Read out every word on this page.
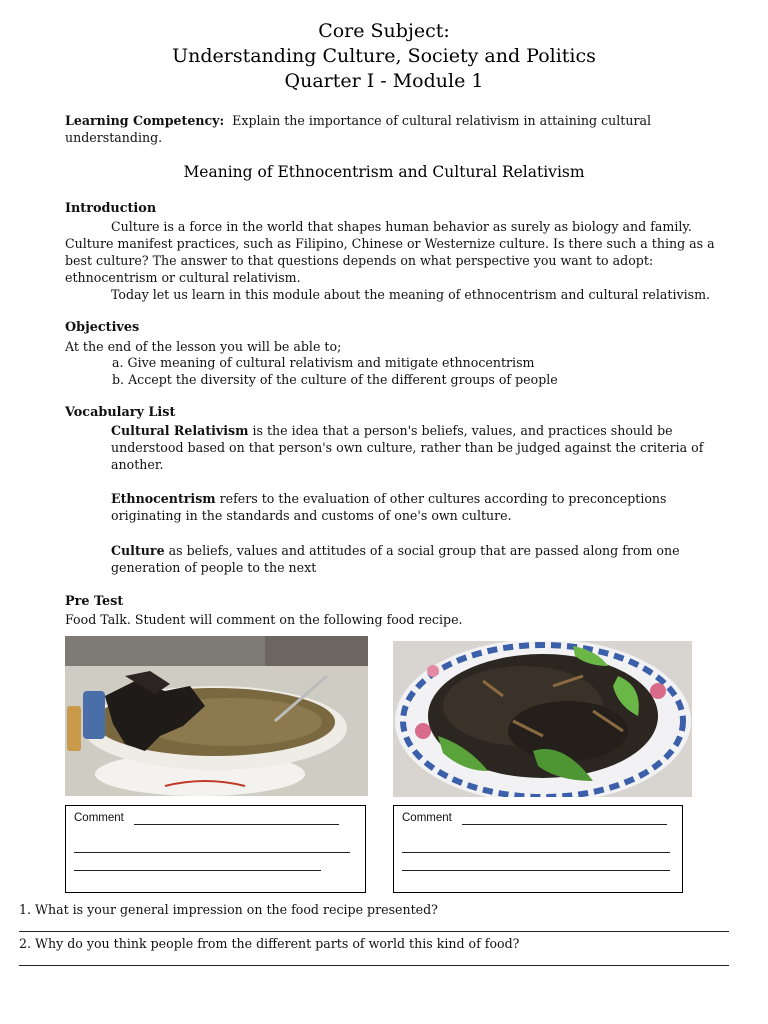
Core Subject:
Understanding Culture, Society and Politics
Quarter I - Module 1
Learning Competency: Explain the importance of cultural relativism in attaining cultural understanding.
Meaning of Ethnocentrism and Cultural Relativism
Introduction
Culture is a force in the world that shapes human behavior as surely as biology and family. Culture manifest practices, such as Filipino, Chinese or Westernize culture. Is there such a thing as a best culture? The answer to that questions depends on what perspective you want to adopt: ethnocentrism or cultural relativism.
Today let us learn in this module about the meaning of ethnocentrism and cultural relativism.
Objectives
At the end of the lesson you will be able to;
a. Give meaning of cultural relativism and mitigate ethnocentrism
b. Accept the diversity of the culture of the different groups of people
Vocabulary List
Cultural Relativism is the idea that a person's beliefs, values, and practices should be understood based on that person's own culture, rather than be judged against the criteria of another.
Ethnocentrism refers to the evaluation of other cultures according to preconceptions originating in the standards and customs of one's own culture.
Culture as beliefs, values and attitudes of a social group that are passed along from one generation of people to the next
Pre Test
Food Talk. Student will comment on the following food recipe.
Comment	Comment
1. What is your general impression on the food recipe presented?
2. Why do you think people from the different parts of world this kind of food?
